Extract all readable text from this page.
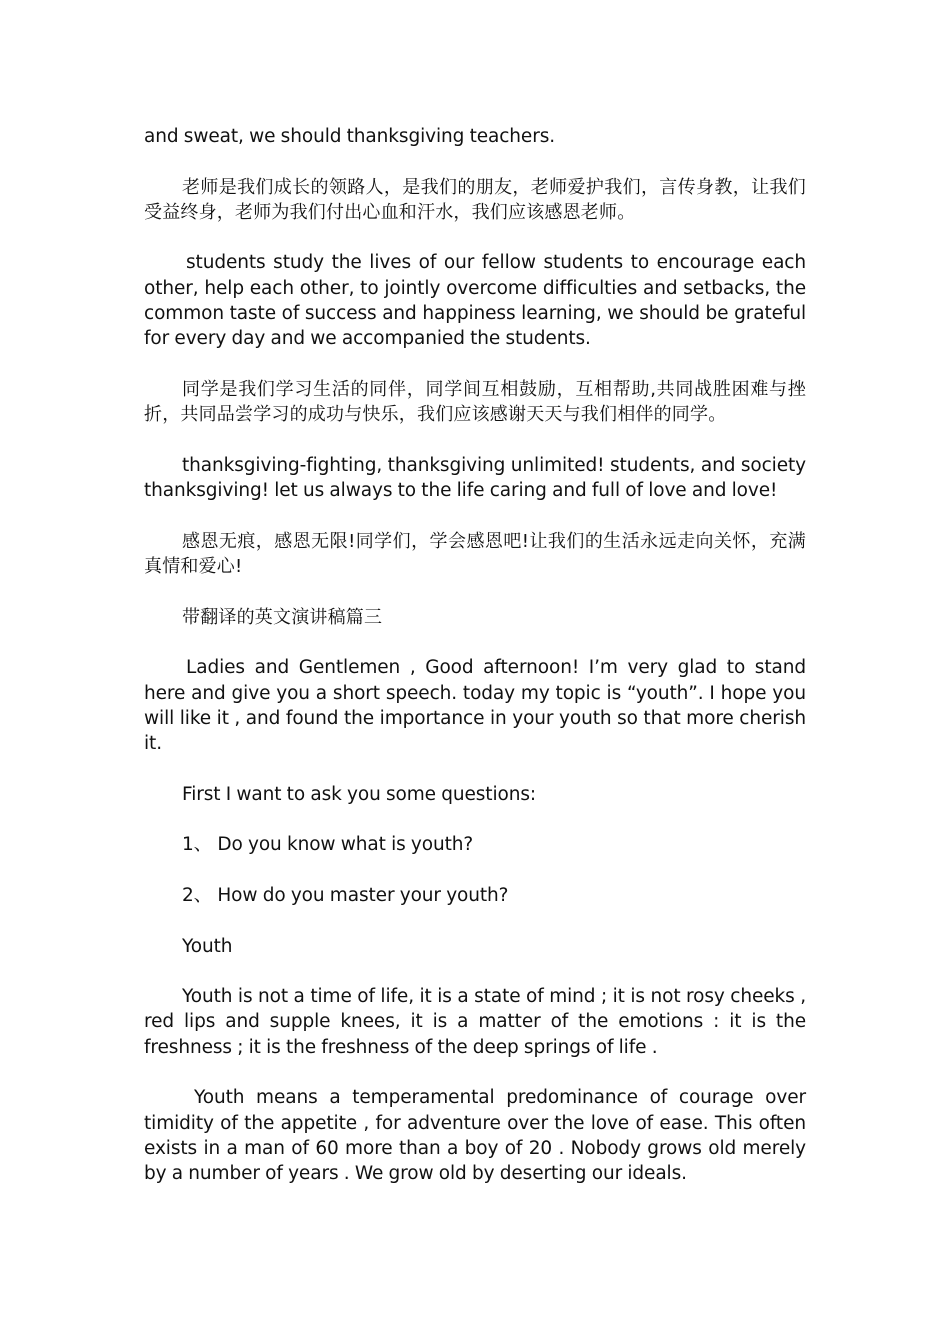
and sweat, we should thanksgiving teachers.

老师是我们成长的领路人，是我们的朋友，老师爱护我们，言传身教，让我们受益终身，老师为我们付出心血和汗水，我们应该感恩老师。

students study the lives of our fellow students to encourage each other, help each other, to jointly overcome difficulties and setbacks, the common taste of success and happiness learning, we should be grateful for every day and we accompanied the students.

同学是我们学习生活的同伴，同学间互相鼓励，互相帮助,共同战胜困难与挫折，共同品尝学习的成功与快乐，我们应该感谢天天与我们相伴的同学。

thanksgiving-fighting, thanksgiving unlimited! students, and society thanksgiving! let us always to the life caring and full of love and love!

感恩无痕，感恩无限!同学们，学会感恩吧!让我们的生活永远走向关怀，充满真情和爱心!

带翻译的英文演讲稿篇三

Ladies and Gentlemen , Good afternoon! I’m very glad to stand here and give you a short speech. today my topic is “youth”. I hope you will like it , and found the importance in your youth so that more cherish it.

First I want to ask you some questions:

1、 Do you know what is youth?

2、 How do you master your youth?

Youth

Youth is not a time of life, it is a state of mind ; it is not rosy cheeks , red lips and supple knees, it is a matter of the emotions : it is the freshness ; it is the freshness of the deep springs of life .

Youth means a temperamental predominance of courage over timidity of the appetite , for adventure over the love of ease. This often exists in a man of 60 more than a boy of 20 . Nobody grows old merely by a number of years . We grow old by deserting our ideals.
